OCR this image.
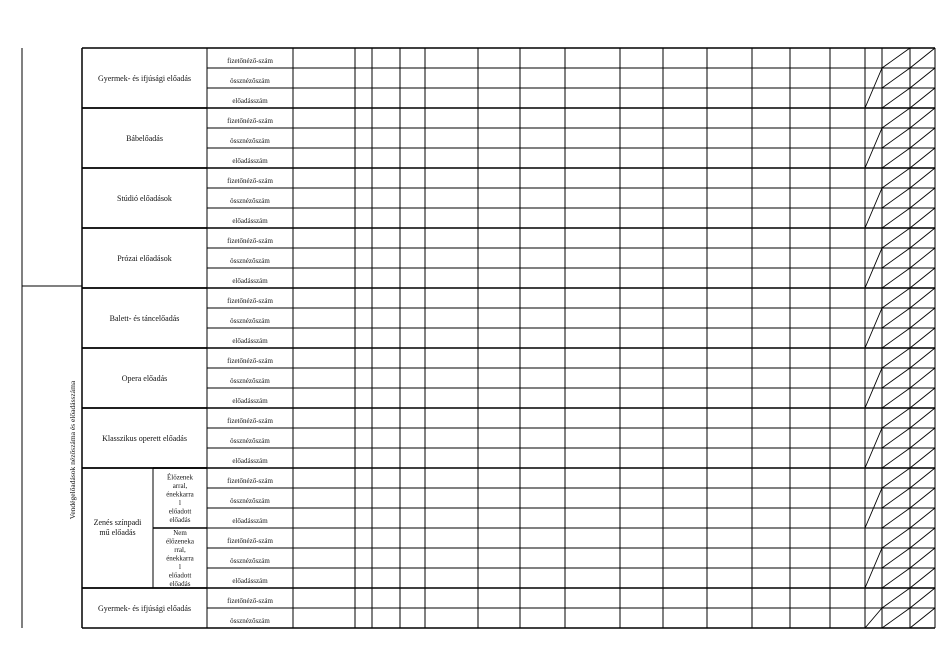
Vendégelőadások nézőszáma és előadásszáma
Gyermek- és ifjúsági előadás
Bábelőadás
Stúdió előadások
Prózai előadások
Balett- és táncelőadás
Opera előadás
Klasszikus operett előadás
Zenés színpadi mű előadás
Élőzenek arral, énekkarra l előadott előadás
Nem élőzeneka rral, énekkarra l előadott előadás
Gyermek- és ifjúsági előadás
fizetőnéző-szám
össznézőszám
előadásszám
fizetőnéző-szám
össznézőszám
előadásszám
fizetőnéző-szám
össznézőszám
előadásszám
fizetőnéző-szám
össznézőszám
előadásszám
fizetőnéző-szám
össznézőszám
előadásszám
fizetőnéző-szám
össznézőszám
előadásszám
fizetőnéző-szám
össznézőszám
előadásszám
fizetőnéző-szám
össznézőszám
előadásszám
fizetőnéző-szám
össznézőszám
előadásszám
fizetőnéző-szám
össznézőszám
